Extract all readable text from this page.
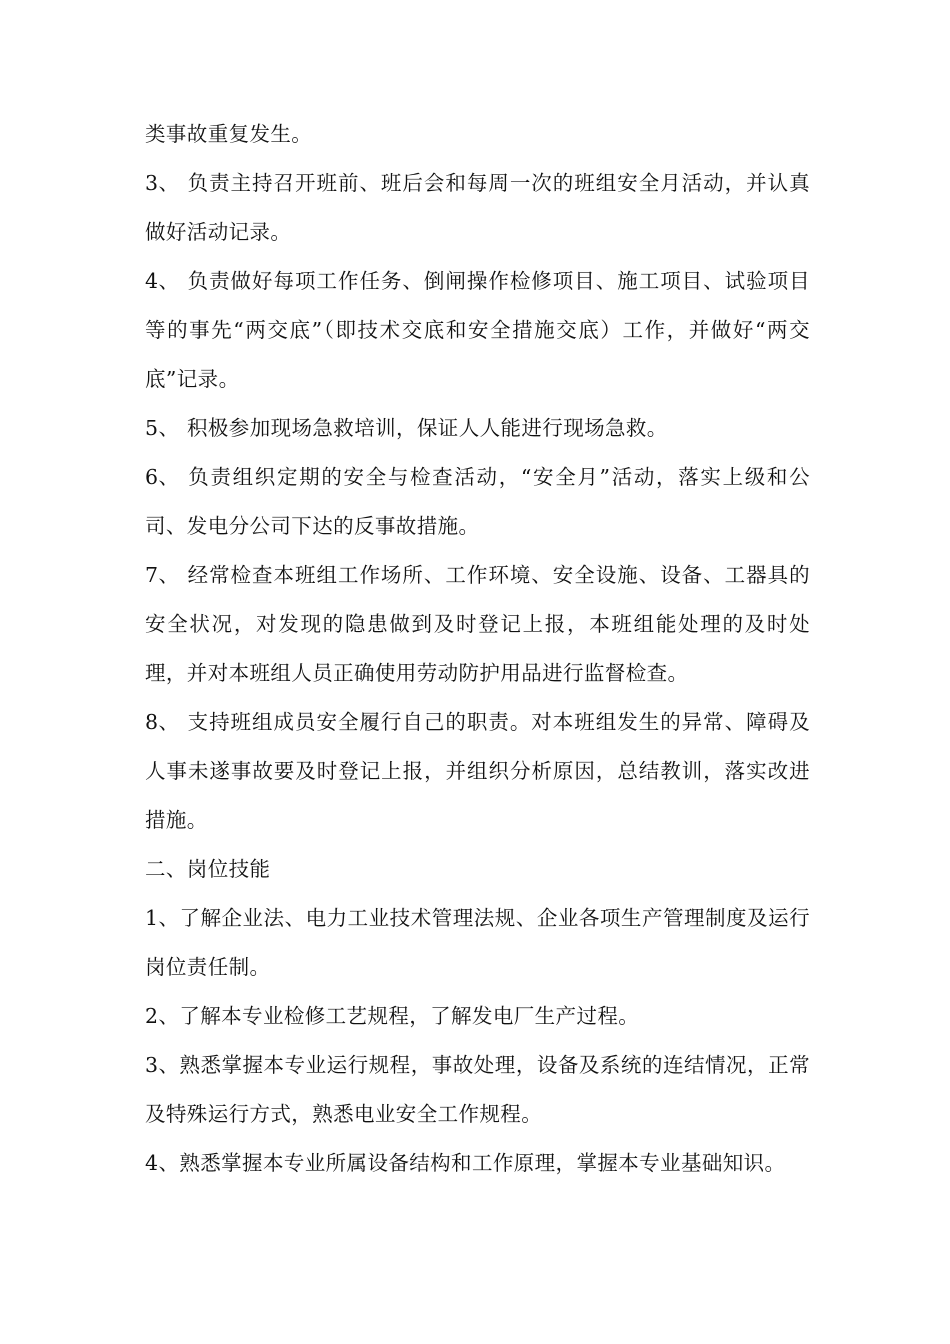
类事故重复发生。

3、 负责主持召开班前、班后会和每周一次的班组安全月活动，并认真做好活动记录。

4、 负责做好每项工作任务、倒闸操作检修项目、施工项目、试验项目等的事先“两交底”（即技术交底和安全措施交底）工作，并做好“两交底”记录。

5、 积极参加现场急救培训，保证人人能进行现场急救。

6、 负责组织定期的安全与检查活动，“安全月”活动，落实上级和公司、发电分公司下达的反事故措施。

7、 经常检查本班组工作场所、工作环境、安全设施、设备、工器具的安全状况，对发现的隐患做到及时登记上报，本班组能处理的及时处理，并对本班组人员正确使用劳动防护用品进行监督检查。

8、 支持班组成员安全履行自己的职责。对本班组发生的异常、障碍及人事未遂事故要及时登记上报，并组织分析原因，总结教训，落实改进措施。

二、岗位技能

1、了解企业法、电力工业技术管理法规、企业各项生产管理制度及运行岗位责任制。

2、了解本专业检修工艺规程，了解发电厂生产过程。

3、熟悉掌握本专业运行规程，事故处理，设备及系统的连结情况，正常及特殊运行方式，熟悉电业安全工作规程。

4、熟悉掌握本专业所属设备结构和工作原理，掌握本专业基础知识。
